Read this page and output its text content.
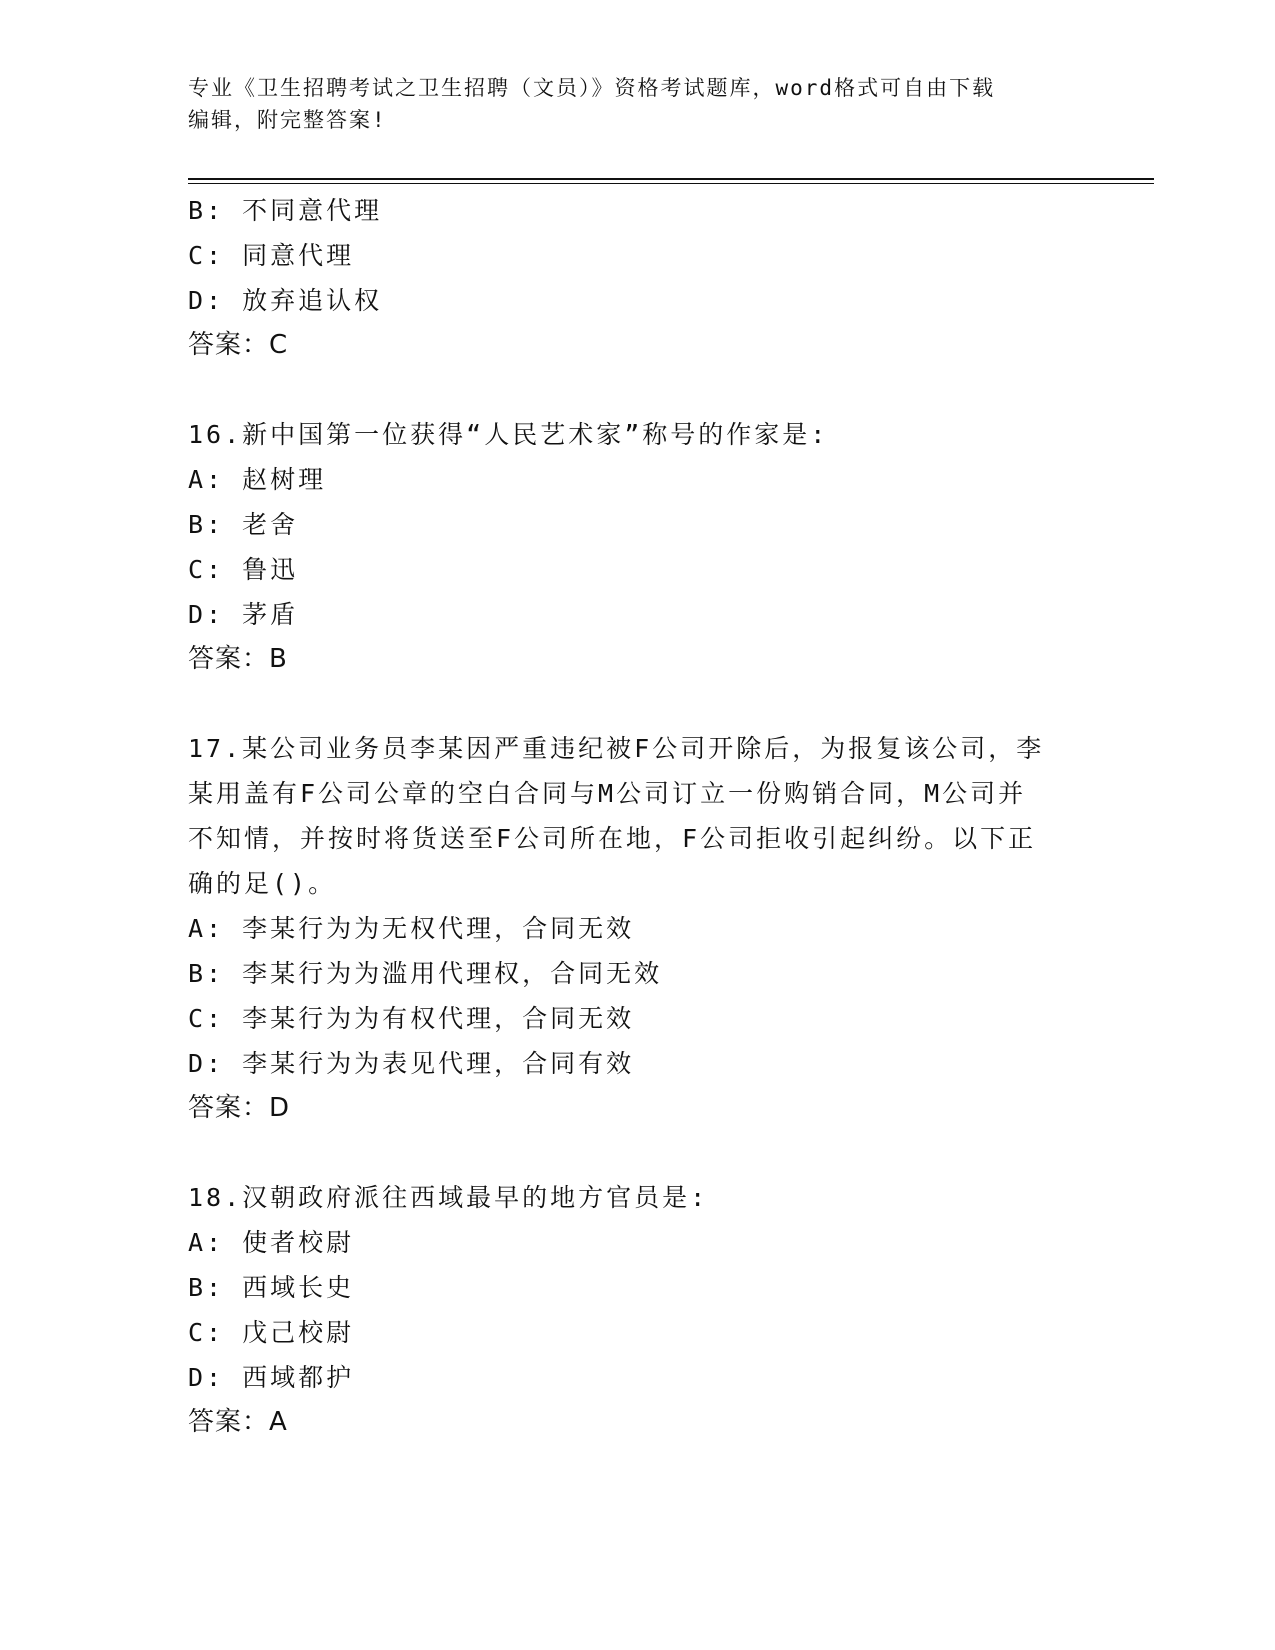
专业《卫生招聘考试之卫生招聘（文员）》资格考试题库，word格式可自由下载
编辑，附完整答案!
B: 不同意代理
C: 同意代理
D: 放弃追认权
答案：C
16.新中国第一位获得“人民艺术家”称号的作家是:
A: 赵树理
B: 老舍
C: 鲁迅
D: 茅盾
答案：B
17.某公司业务员李某因严重违纪被F公司开除后，为报复该公司，李某用盖有F公司公章的空白合同与M公司订立一份购销合同，M公司并不知情，并按时将货送至F公司所在地，F公司拒收引起纠纷。以下正确的足()。
A: 李某行为为无权代理，合同无效
B: 李某行为为滥用代理权，合同无效
C: 李某行为为有权代理，合同无效
D: 李某行为为表见代理，合同有效
答案：D
18.汉朝政府派往西域最早的地方官员是:
A: 使者校尉
B: 西域长史
C: 戊己校尉
D: 西域都护
答案：A
